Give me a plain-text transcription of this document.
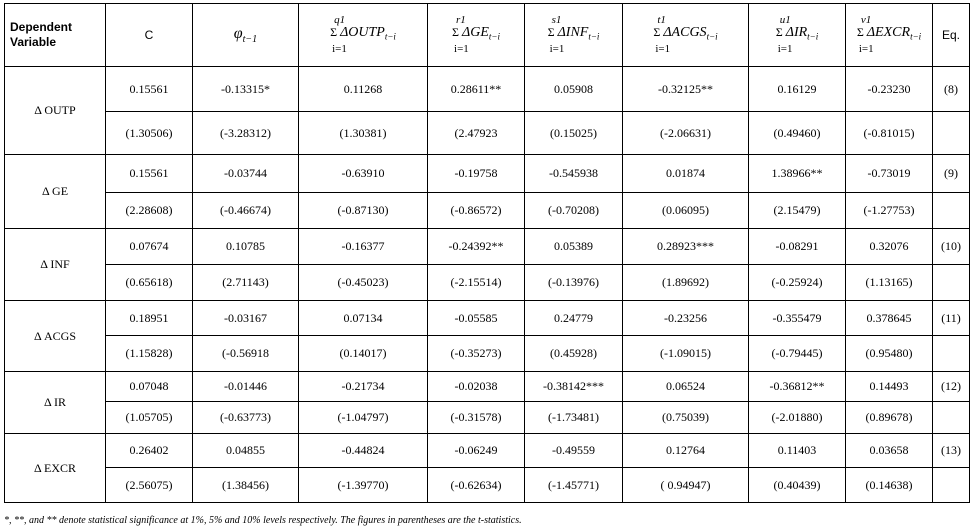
Dependent Variable	C	$\varphi_{t-1}$	q1
Σ $\Delta OUTP_{t-i}$
i=1	r1
Σ $\Delta GE_{t-i}$
i=1	s1
Σ $\Delta INF_{t-i}$
i=1	t1
Σ $\Delta ACGS_{t-i}$
i=1	u1
Σ $\Delta IR_{t-i}$
i=1	v1
Σ $\Delta EXCR_{t-i}$
i=1	Eq.
Δ OUTP	0.15561	-0.13315*	0.11268	0.28611**	0.05908	-0.32125**	0.16129	-0.23230	(8)
	(1.30506)	(-3.28312)	(1.30381)	(2.47923	(0.15025)	(-2.06631)	(0.49460)	(-0.81015)	
Δ GE	0.15561	-0.03744	-0.63910	-0.19758	-0.545938	0.01874	1.38966**	-0.73019	(9)
	(2.28608)	(-0.46674)	(-0.87130)	(-0.86572)	(-0.70208)	(0.06095)	(2.15479)	(-1.27753)	
Δ INF	0.07674	0.10785	-0.16377	-0.24392**	0.05389	0.28923***	-0.08291	0.32076	(10)
	(0.65618)	(2.71143)	(-0.45023)	(-2.15514)	(-0.13976)	(1.89692)	(-0.25924)	(1.13165)	
Δ ACGS	0.18951	-0.03167	0.07134	-0.05585	0.24779	-0.23256	-0.355479	0.378645	(11)
	(1.15828)	(-0.56918	(0.14017)	(-0.35273)	(0.45928)	(-1.09015)	(-0.79445)	(0.95480)	
Δ IR	0.07048	-0.01446	-0.21734	-0.02038	-0.38142***	0.06524	-0.36812**	0.14493	(12)
	(1.05705)	(-0.63773)	(-1.04797)	(-0.31578)	(-1.73481)	(0.75039)	(-2.01880)	(0.89678)	
Δ EXCR	0.26402	0.04855	-0.44824	-0.06249	-0.49559	0.12764	0.11403	0.03658	(13)
	(2.56075)	(1.38456)	(-1.39770)	(-0.62634)	(-1.45771)	( 0.94947)	(0.40439)	(0.14638)	
*, **, and ** denote statistical significance at 1%, 5% and 10% levels respectively. The figures in parentheses are the t-statistics.
